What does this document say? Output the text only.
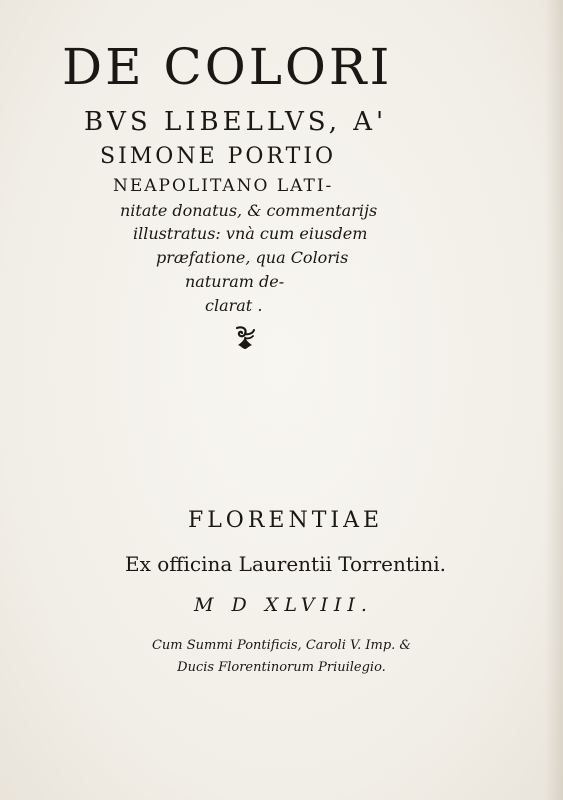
DE COLORI
BVS LIBELLVS, A'
SIMONE PORTIO
NEAPOLITANO LATI-
nitate donatus, & commentarijs
illustratus: vnà cum eiusdem
præfatione, qua Coloris
naturam de-
clarat .
FLORENTIAE
Ex officina Laurentii Torrentini.
M D XLVIII.
Cum Summi Pontificis, Caroli V. Imp. &
Ducis Florentinorum Priuilegio.
